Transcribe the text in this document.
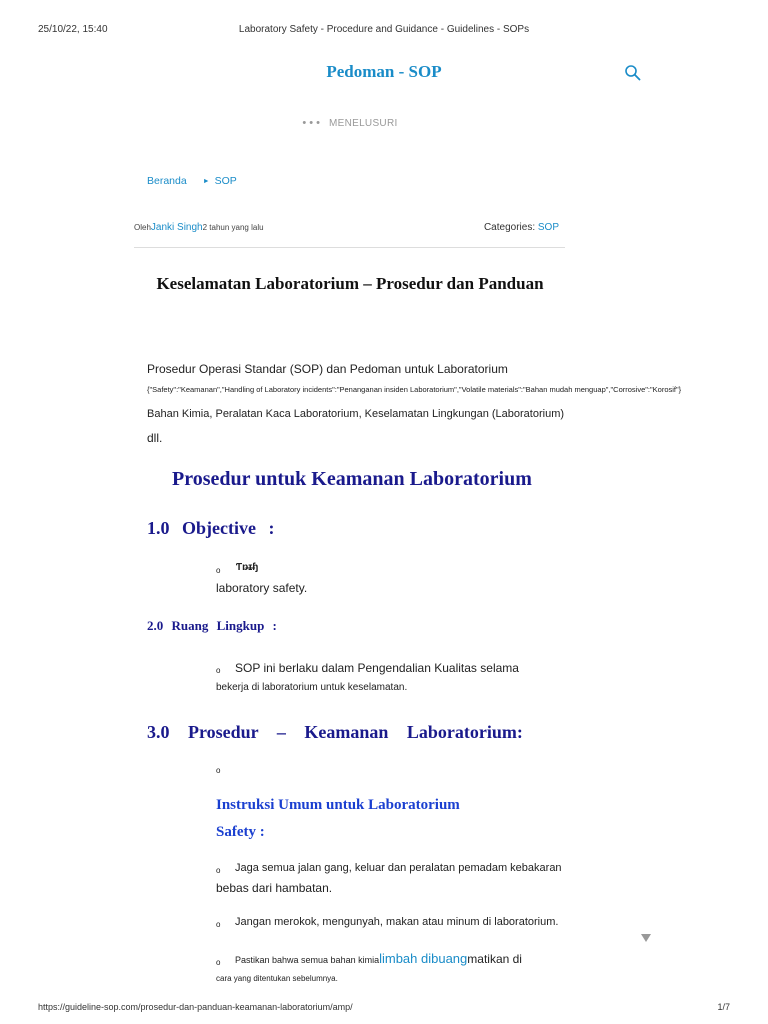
25/10/22, 15:40	Laboratory Safety - Procedure and Guidance - Guidelines - SOPs
Pedoman - SOP
••• MENELUSURI
Beranda ► SOP
OlehJanki Singh2 tahun yang lalu	Categories: SOP
Keselamatan Laboratorium – Prosedur dan Panduan
Prosedur Operasi Standar (SOP) dan Pedoman untuk Laboratorium
{"Safety":"Keamanan","Handling of Laboratory incidents":"Penanganan insiden Laboratorium","Volatile materials":"Bahan mudah menguap","Corrosive":"Korosif"}
Bahan Kimia, Peralatan Kaca Laboratorium, Keselamatan Lingkungan (Laboratorium)
dll.
Prosedur untuk Keamanan Laboratorium
1.0 Objective :
o Ƭɒ̶ɪ̶ɧ
laboratory safety.
2.0 Ruang Lingkup :
o SOP ini berlaku dalam Pengendalian Kualitas selama
bekerja di laboratorium untuk keselamatan.
3.0 Prosedur – Keamanan Laboratorium:
o
Instruksi Umum untuk Laboratorium
Safety :
o Jaga semua jalan gang, keluar dan peralatan pemadam kebakaran
bebas dari hambatan.
o Jangan merokok, mengunyah, makan atau minum di laboratorium.
o Pastikan bahwa semua bahan kimialimbah dibuangmatikan di
cara yang ditentukan sebelumnya.
https://guideline-sop.com/prosedur-dan-panduan-keamanan-laboratorium/amp/	1/7
